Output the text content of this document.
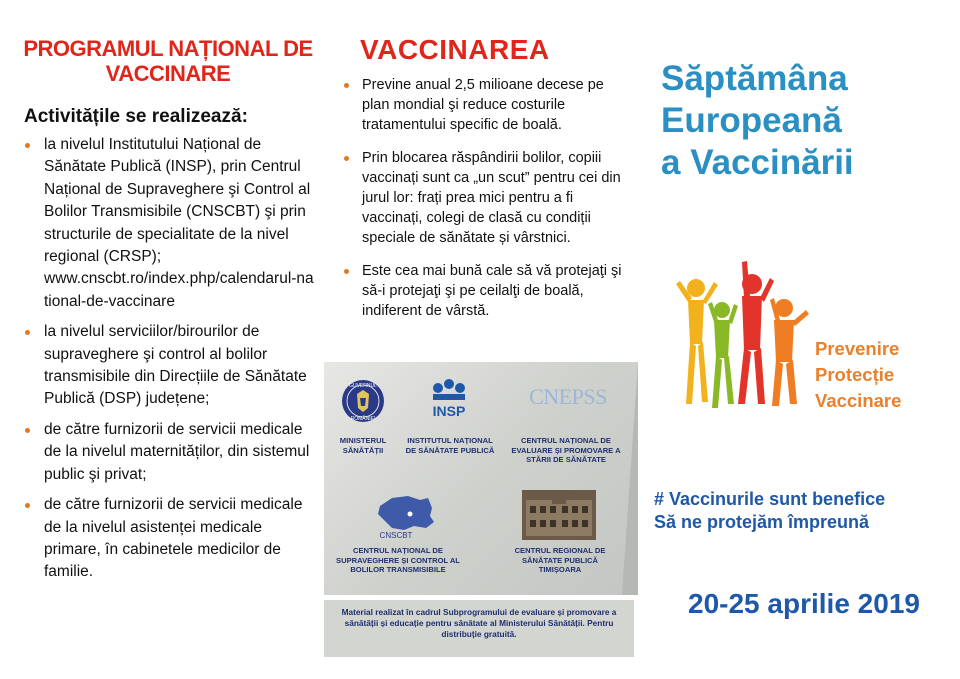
PROGRAMUL NAȚIONAL DE VACCINARE
Activitățile se realizează:
la nivelul Institutului Național de Sănătate Publică (INSP), prin Centrul Național de Supraveghere şi Control al Bolilor Transmisibile (CNSCBT) şi prin structurile de specialitate de la nivel regional (CRSP);
www.cnscbt.ro/index.php/calendarul-national-de-vaccinare
la nivelul serviciilor/birourilor de supraveghere şi control al bolilor transmisibile din Direcțiile de Sănătate Publică (DSP) județene;
de către furnizorii de servicii medicale de la nivelul maternităților, din sistemul public şi privat;
de către furnizorii de servicii medicale de la nivelul asistenței medicale primare, în cabinetele medicilor de familie.
VACCINAREA
Previne anual 2,5 milioane decese pe plan mondial şi reduce costurile tratamentului specific de boală.
Prin blocarea răspândirii bolilor, copiii vaccinați sunt ca „un scut” pentru cei din jurul lor: frați prea mici pentru a fi vaccinați, colegi de clasă cu condiții speciale de sănătate și vârstnici.
Este cea mai bună cale să vă protejaţi şi să-i protejaţi şi pe ceilalţi de boală, indiferent de vârstă.
GUVERNUL
ROMÂNIEI
MINISTERUL SĂNĂTĂȚII
INSP
INSTITUTUL NAȚIONAL DE SĂNĂTATE PUBLICĂ
CNEPSS
CENTRUL NAȚIONAL DE EVALUARE ȘI PROMOVARE A STĂRII DE SĂNĂTATE
CNSCBT
CENTRUL NAȚIONAL DE SUPRAVEGHERE ȘI CONTROL AL BOLILOR TRANSMISIBILE
CENTRUL REGIONAL DE SĂNĂTATE PUBLICĂ TIMIȘOARA
Material realizat în cadrul Subprogramului de evaluare și promovare a sănătății și educație pentru sănătate al Ministerului Sănătății. Pentru distribuție gratuită.
Săptămâna
Europeană
a Vaccinării
Prevenire
Protecție
Vaccinare
# Vaccinurile sunt benefice
Să ne protejăm împreună
20-25 aprilie 2019
